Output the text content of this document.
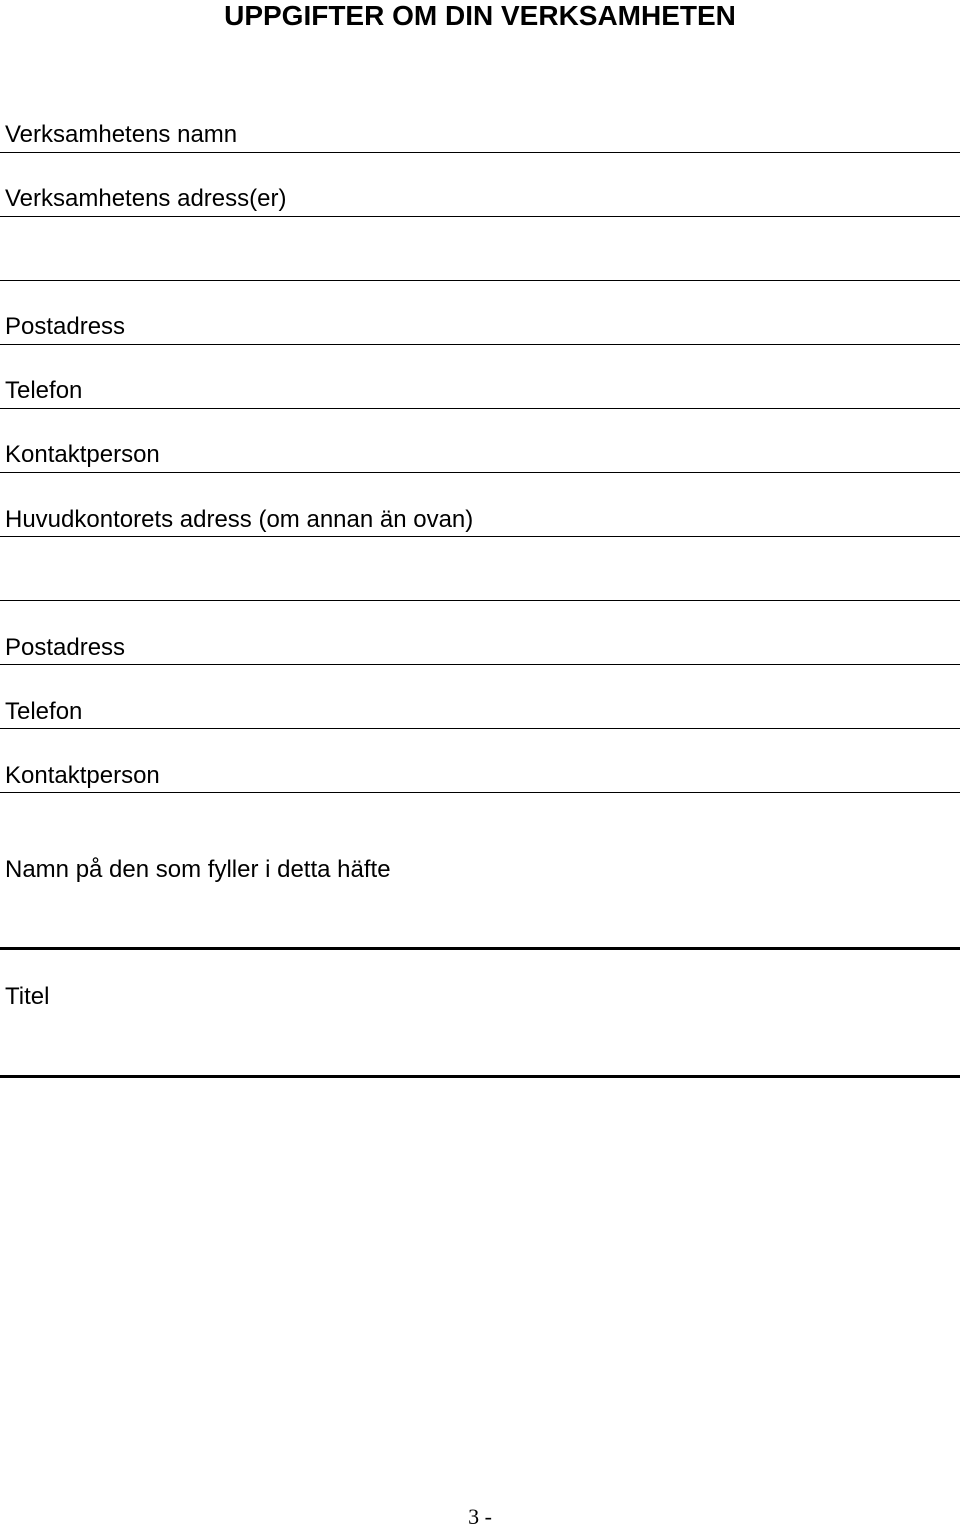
UPPGIFTER OM DIN VERKSAMHETEN
Verksamhetens namn
Verksamhetens adress(er)
Postadress
Telefon
Kontaktperson
Huvudkontorets adress (om annan än ovan)
Postadress
Telefon
Kontaktperson
Namn på den som fyller i detta häfte
Titel
3 -
